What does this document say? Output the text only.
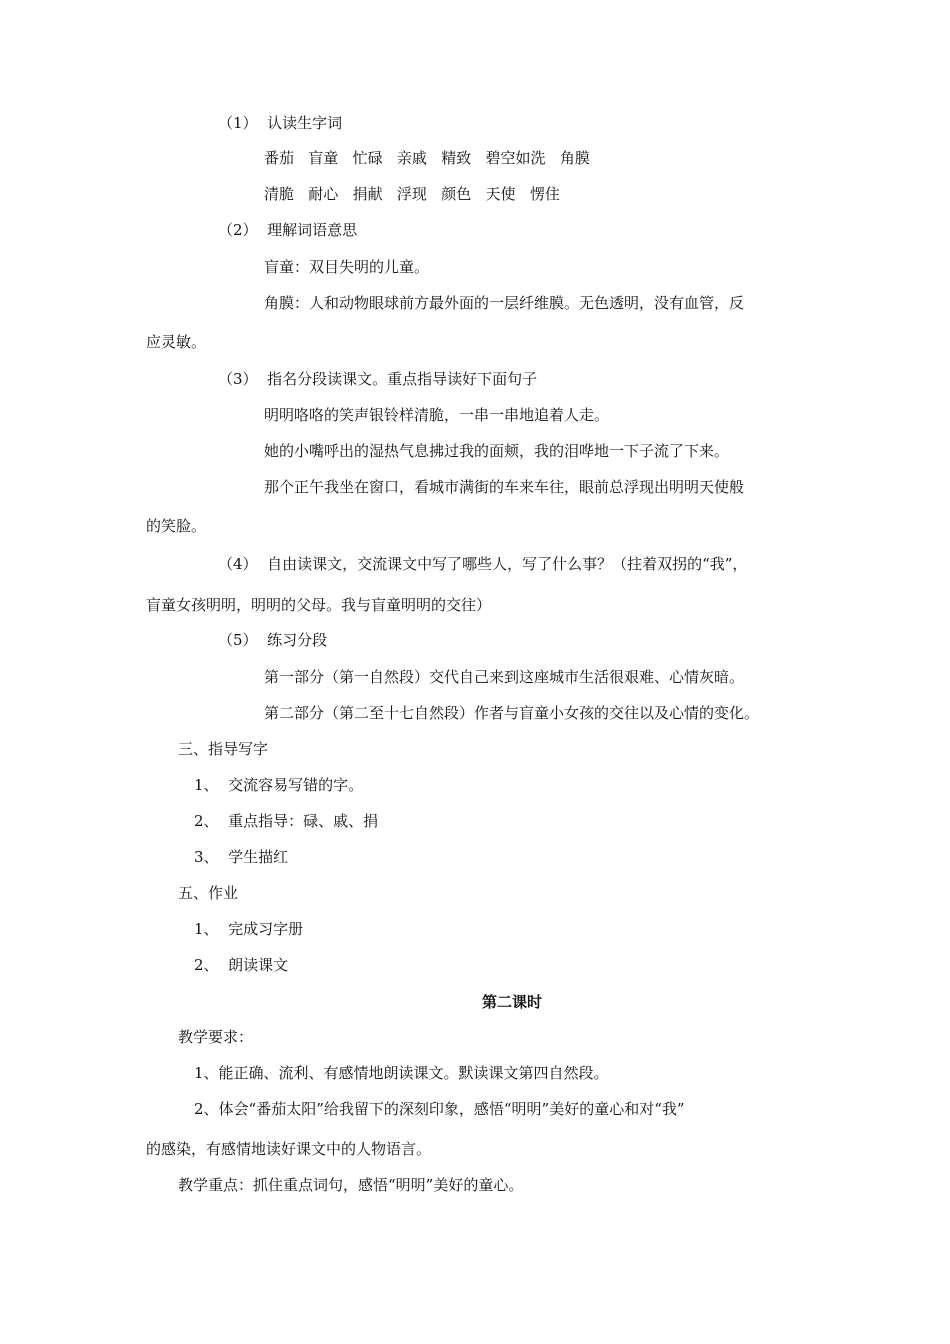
（1）  认读生字词
番茄   盲童   忙碌   亲戚   精致   碧空如洗   角膜
清脆   耐心   捐献   浮现   颜色   天使   愣住
（2）  理解词语意思
盲童：双目失明的儿童。
角膜：人和动物眼球前方最外面的一层纤维膜。无色透明，没有血管，反
应灵敏。
（3）  指名分段读课文。重点指导读好下面句子
明明咯咯的笑声银铃样清脆，一串一串地追着人走。
她的小嘴呼出的湿热气息拂过我的面颊，我的泪哗地一下子流了下来。
那个正午我坐在窗口，看城市满街的车来车往，眼前总浮现出明明天使般
的笑脸。
（4）  自由读课文，交流课文中写了哪些人，写了什么事？（拄着双拐的“我”，
盲童女孩明明，明明的父母。我与盲童明明的交往）
（5）  练习分段
第一部分（第一自然段）交代自己来到这座城市生活很艰难、心情灰暗。
第二部分（第二至十七自然段）作者与盲童小女孩的交往以及心情的变化。
三、指导写字
1、  交流容易写错的字。
2、  重点指导：碌、戚、捐
3、  学生描红
五、作业
1、  完成习字册
2、  朗读课文
第二课时
教学要求：
1、能正确、流利、有感情地朗读课文。默读课文第四自然段。
2、体会“番茄太阳”给我留下的深刻印象，感悟“明明”美好的童心和对“我”
的感染，有感情地读好课文中的人物语言。
教学重点：抓住重点词句，感悟“明明”美好的童心。
